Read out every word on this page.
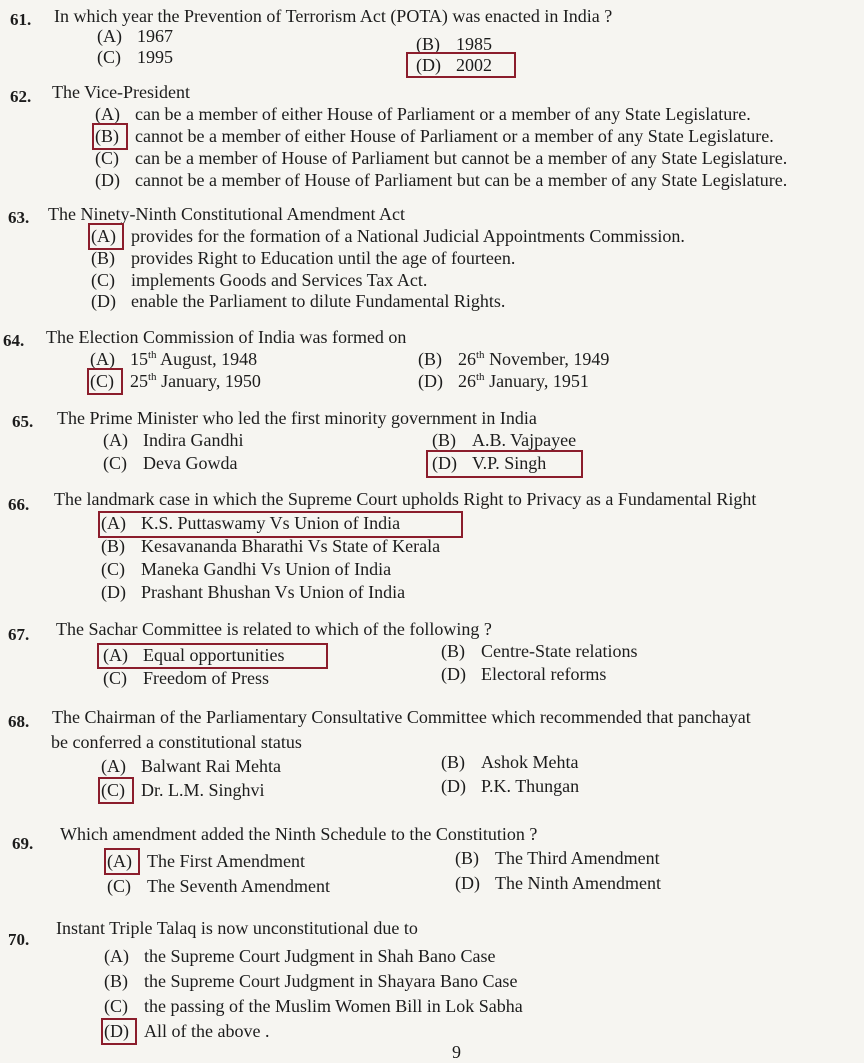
61. In which year the Prevention of Terrorism Act (POTA) was enacted in India ?
(A) 1967	(B) 1985
(C) 1995	(D) 2002
62. The Vice-President
(A) can be a member of either House of Parliament or a member of any State Legislature.
(B) cannot be a member of either House of Parliament or a member of any State Legislature.
(C) can be a member of House of Parliament but cannot be a member of any State Legislature.
(D) cannot be a member of House of Parliament but can be a member of any State Legislature.
63. The Ninety-Ninth Constitutional Amendment Act
(A) provides for the formation of a National Judicial Appointments Commission.
(B) provides Right to Education until the age of fourteen.
(C) implements Goods and Services Tax Act.
(D) enable the Parliament to dilute Fundamental Rights.
64. The Election Commission of India was formed on
(A) 15th August, 1948	(B) 26th November, 1949
(C) 25th January, 1950	(D) 26th January, 1951
65. The Prime Minister who led the first minority government in India
(A) Indira Gandhi	(B) A.B. Vajpayee
(C) Deva Gowda	(D) V.P. Singh
66. The landmark case in which the Supreme Court upholds Right to Privacy as a Fundamental Right
(A) K.S. Puttaswamy Vs Union of India
(B) Kesavananda Bharathi Vs State of Kerala
(C) Maneka Gandhi Vs Union of India
(D) Prashant Bhushan Vs Union of India
67. The Sachar Committee is related to which of the following ?
(A) Equal opportunities	(B) Centre-State relations
(C) Freedom of Press	(D) Electoral reforms
68. The Chairman of the Parliamentary Consultative Committee which recommended that panchayat
be conferred a constitutional status
(A) Balwant Rai Mehta	(B) Ashok Mehta
(C) Dr. L.M. Singhvi	(D) P.K. Thungan
69. Which amendment added the Ninth Schedule to the Constitution ?
(A) The First Amendment	(B) The Third Amendment
(C) The Seventh Amendment	(D) The Ninth Amendment
70.
Instant Triple Talaq is now unconstitutional due to
(A) the Supreme Court Judgment in Shah Bano Case
(B) the Supreme Court Judgment in Shayara Bano Case
(C) the passing of the Muslim Women Bill in Lok Sabha
(D) All of the above .
9
